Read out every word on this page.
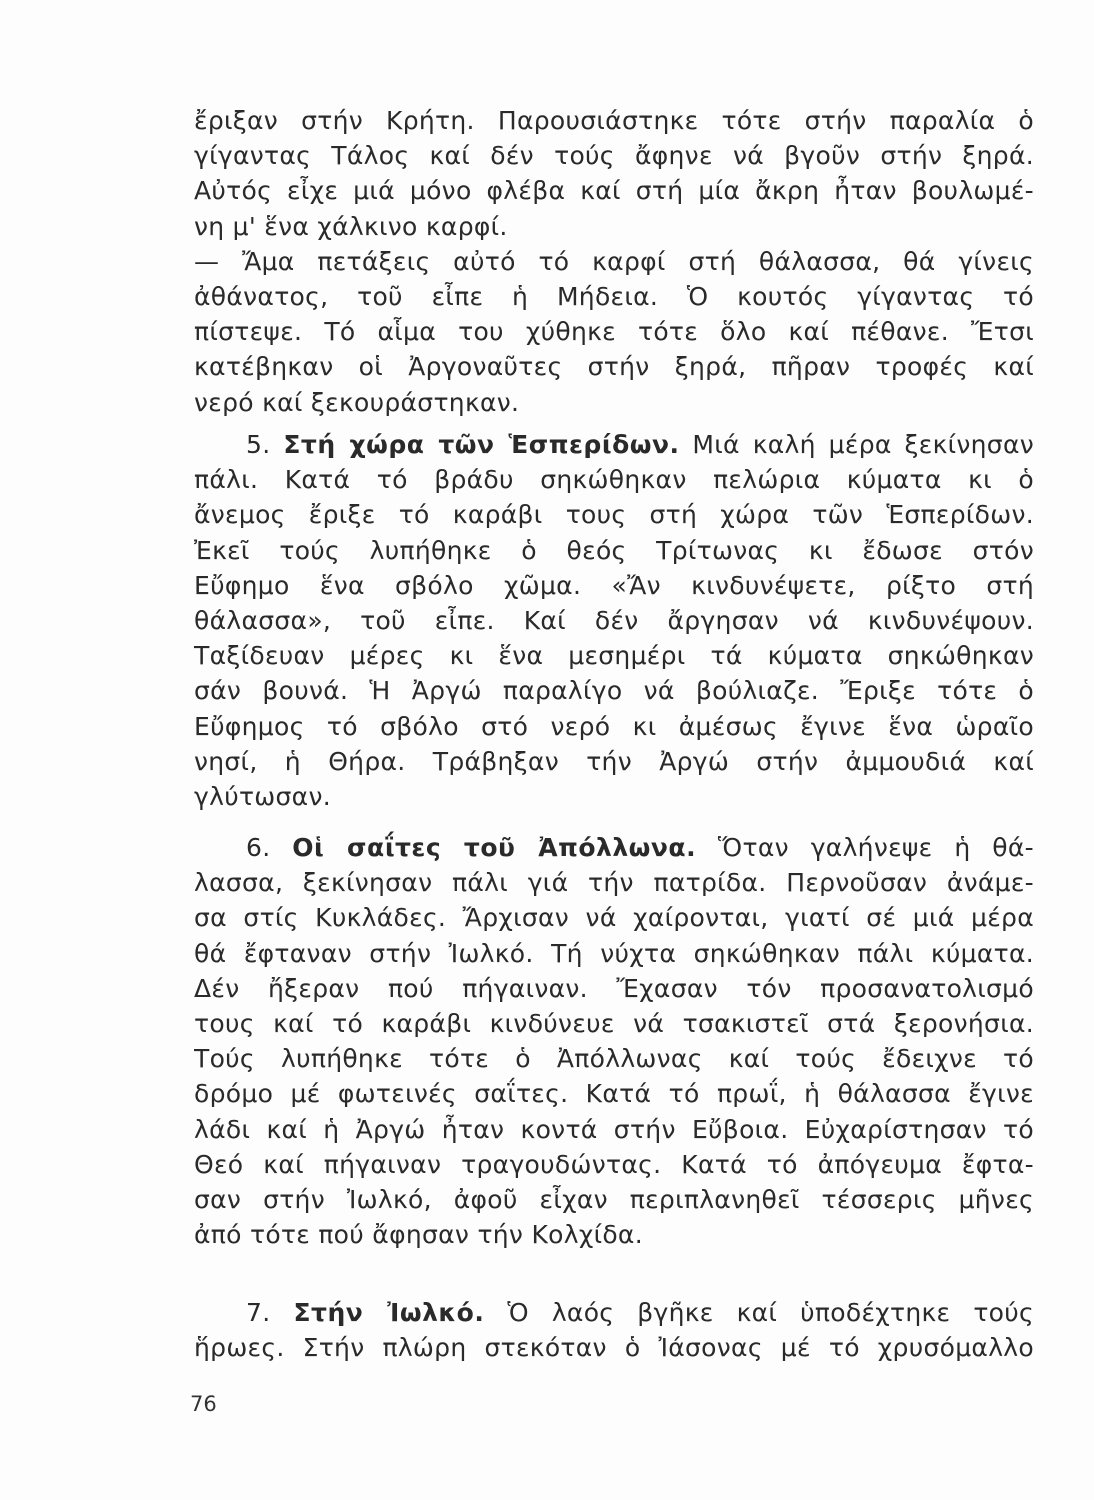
ἔριξαν στήν Κρήτη. Παρουσιάστηκε τότε στήν παραλία ὁ
γίγαντας Τάλος καί δέν τούς ἄφηνε νά βγοῦν στήν ξηρά.
Αὐτός εἶχε μιά μόνο φλέβα καί στή μία ἄκρη ἦταν βουλωμέ-
νη μ' ἕνα χάλκινο καρφί.
— Ἄμα πετάξεις αὐτό τό καρφί στή θάλασσα, θά γίνεις
ἀθάνατος, τοῦ εἶπε ἡ Μήδεια. Ὁ κουτός γίγαντας τό
πίστεψε. Τό αἷμα του χύθηκε τότε ὅλο καί πέθανε. Ἔτσι
κατέβηκαν οἱ Ἀργοναῦτες στήν ξηρά, πῆραν τροφές καί
νερό καί ξεκουράστηκαν.
5. Στή χώρα τῶν Ἑσπερίδων. Μιά καλή μέρα ξεκίνησαν
πάλι. Κατά τό βράδυ σηκώθηκαν πελώρια κύματα κι ὁ
ἄνεμος ἔριξε τό καράβι τους στή χώρα τῶν Ἑσπερίδων.
Ἐκεῖ τούς λυπήθηκε ὁ θεός Τρίτωνας κι ἔδωσε στόν
Εὔφημο ἕνα σβόλο χῶμα. «Ἄν κινδυνέψετε, ρίξτο στή
θάλασσα», τοῦ εἶπε. Καί δέν ἄργησαν νά κινδυνέψουν.
Ταξίδευαν μέρες κι ἕνα μεσημέρι τά κύματα σηκώθηκαν
σάν βουνά. Ἡ Ἀργώ παραλίγο νά βούλιαζε. Ἔριξε τότε ὁ
Εὔφημος τό σβόλο στό νερό κι ἀμέσως ἔγινε ἕνα ὡραῖο
νησί, ἡ Θήρα. Τράβηξαν τήν Ἀργώ στήν ἀμμουδιά καί
γλύτωσαν.
6. Οἱ σαΐτες τοῦ Ἀπόλλωνα. Ὅταν γαλήνεψε ἡ θά-
λασσα, ξεκίνησαν πάλι γιά τήν πατρίδα. Περνοῦσαν ἀνάμε-
σα στίς Κυκλάδες. Ἄρχισαν νά χαίρονται, γιατί σέ μιά μέρα
θά ἔφταναν στήν Ἰωλκό. Τή νύχτα σηκώθηκαν πάλι κύματα.
Δέν ἤξεραν πού πήγαιναν. Ἔχασαν τόν προσανατολισμό
τους καί τό καράβι κινδύνευε νά τσακιστεῖ στά ξερονήσια.
Τούς λυπήθηκε τότε ὁ Ἀπόλλωνας καί τούς ἔδειχνε τό
δρόμο μέ φωτεινές σαΐτες. Κατά τό πρωΐ, ἡ θάλασσα ἔγινε
λάδι καί ἡ Ἀργώ ἦταν κοντά στήν Εὔβοια. Εὐχαρίστησαν τό
Θεό καί πήγαιναν τραγουδώντας. Κατά τό ἀπόγευμα ἔφτα-
σαν στήν Ἰωλκό, ἀφοῦ εἶχαν περιπλανηθεῖ τέσσερις μῆνες
ἀπό τότε πού ἄφησαν τήν Κολχίδα.
7. Στήν Ἰωλκό. Ὁ λαός βγῆκε καί ὑποδέχτηκε τούς
ἥρωες. Στήν πλώρη στεκόταν ὁ Ἰάσονας μέ τό χρυσόμαλλο
76
